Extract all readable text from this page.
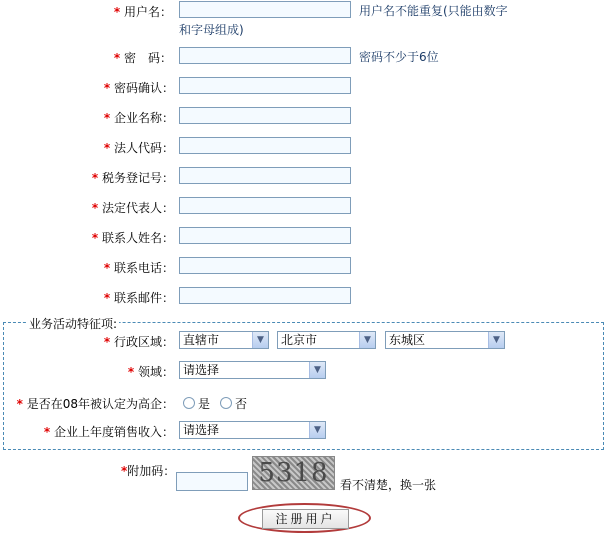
* 用户名：	用户名不能重复(只能由数字
和字母组成)
* 密　码：	密码不少于6位
* 密码确认：
* 企业名称：
* 法人代码：
* 税务登记号：
* 法定代表人：
* 联系人姓名：
* 联系电话：
* 联系邮件：
业务活动特征项:
* 行政区域： 直辖市	▼	北京市	▼	东城区	▼
* 领域： 请选择	▼
* 是否在08年被认定为高企：	是	否
* 企业上年度销售收入： 请选择	▼
*附加码：	5318 看不清楚，换一张
注册用户
